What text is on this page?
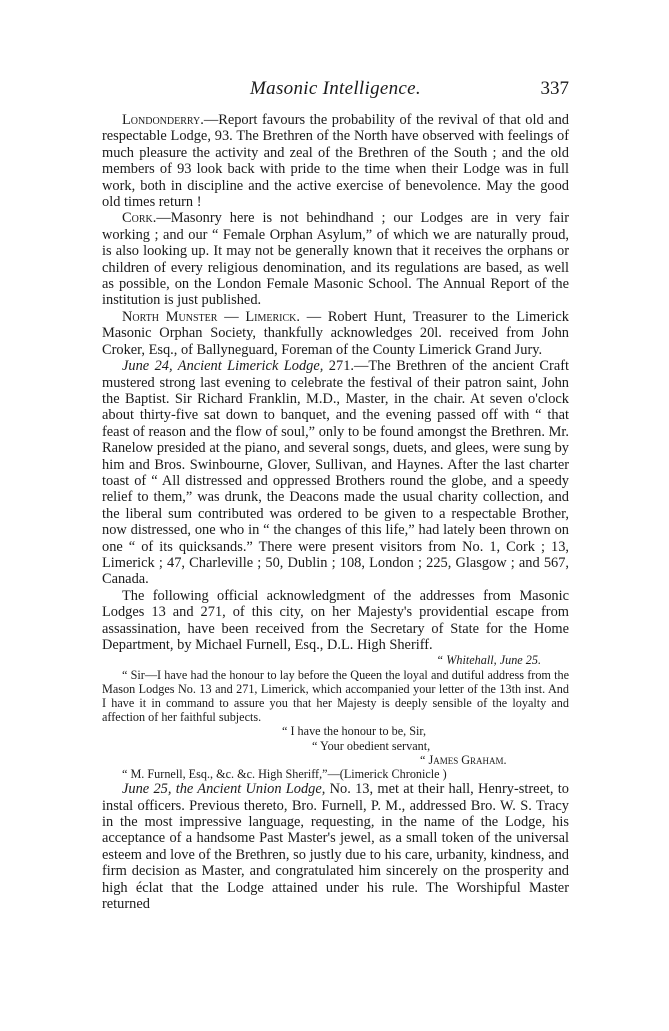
Masonic Intelligence.	337

Londonderry.—Report favours the probability of the revival of that old and respectable Lodge, 93. The Brethren of the North have observed with feelings of much pleasure the activity and zeal of the Brethren of the South ; and the old members of 93 look back with pride to the time when their Lodge was in full work, both in discipline and the active exercise of benevolence. May the good old times return !

Cork.—Masonry here is not behindhand ; our Lodges are in very fair working ; and our “ Female Orphan Asylum,” of which we are naturally proud, is also looking up. It may not be generally known that it receives the orphans or children of every religious denomination, and its regulations are based, as well as possible, on the London Female Masonic School. The Annual Report of the institution is just published.

North Munster — Limerick. — Robert Hunt, Treasurer to the Limerick Masonic Orphan Society, thankfully acknowledges 20l. received from John Croker, Esq., of Ballyneguard, Foreman of the County Limerick Grand Jury.

June 24, Ancient Limerick Lodge, 271.—The Brethren of the ancient Craft mustered strong last evening to celebrate the festival of their patron saint, John the Baptist. Sir Richard Franklin, M.D., Master, in the chair. At seven o'clock about thirty-five sat down to banquet, and the evening passed off with “ that feast of reason and the flow of soul,” only to be found amongst the Brethren. Mr. Ranelow presided at the piano, and several songs, duets, and glees, were sung by him and Bros. Swinbourne, Glover, Sullivan, and Haynes. After the last charter toast of “ All distressed and oppressed Brothers round the globe, and a speedy relief to them,” was drunk, the Deacons made the usual charity collection, and the liberal sum contributed was ordered to be given to a respectable Brother, now distressed, one who in “ the changes of this life,” had lately been thrown on one “ of its quicksands.” There were present visitors from No. 1, Cork ; 13, Limerick ; 47, Charleville ; 50, Dublin ; 108, London ; 225, Glasgow ; and 567, Canada.

The following official acknowledgment of the addresses from Masonic Lodges 13 and 271, of this city, on her Majesty's providential escape from assassination, have been received from the Secretary of State for the Home Department, by Michael Furnell, Esq., D.L. High Sheriff.

“ Whitehall, June 25.

“ Sir—I have had the honour to lay before the Queen the loyal and dutiful address from the Mason Lodges No. 13 and 271, Limerick, which accompanied your letter of the 13th inst. And I have it in command to assure you that her Majesty is deeply sensible of the loyalty and affection of her faithful subjects.

“ I have the honour to be, Sir,
“ Your obedient servant,
“ James Graham.

“ M. Furnell, Esq., &c. &c. High Sheriff,”—(Limerick Chronicle )

June 25, the Ancient Union Lodge, No. 13, met at their hall, Henry-street, to instal officers. Previous thereto, Bro. Furnell, P. M., addressed Bro. W. S. Tracy in the most impressive language, requesting, in the name of the Lodge, his acceptance of a handsome Past Master's jewel, as a small token of the universal esteem and love of the Brethren, so justly due to his care, urbanity, kindness, and firm decision as Master, and congratulated him sincerely on the prosperity and high éclat that the Lodge attained under his rule. The Worshipful Master returned
